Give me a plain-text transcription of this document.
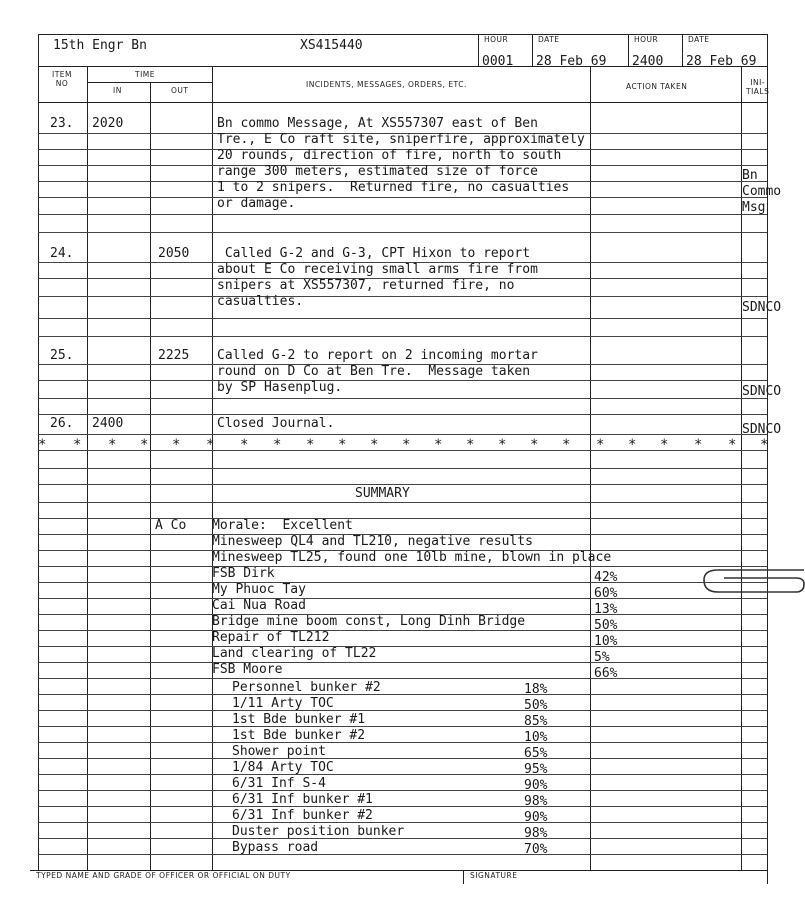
15th Engr Bn	XS415440	HOUR	DATE	HOUR	DATE
0001 28 Feb 69 2400 28 Feb 69
ITEM
NO
TIME
IN	OUT
INCIDENTS, MESSAGES, ORDERS, ETC.	ACTION TAKEN	INI-
TIALS
23. 2020	Bn commo Message, At XS557307 east of Ben
Tre., E Co raft site, sniperfire, approximately
20 rounds, direction of fire, north to south
range 300 meters, estimated size of force
1 to 2 snipers.  Returned fire, no casualties
or damage.
Bn
Commo
Msg
24.	2050 Called G-2 and G-3, CPT Hixon to report
about E Co receiving small arms fire from
snipers at XS557307, returned fire, no
casualties.	SDNCO
25.	2225 Called G-2 to report on 2 incoming mortar
round on D Co at Ben Tre.  Message taken
by SP Hasenplug.	SDNCO
26. 2400	Closed Journal.	SDNCO
* * * * * * * * * * * * * * * * * * * * * * *
SUMMARY
A Co Morale:  Excellent
Minesweep QL4 and TL210, negative results
Minesweep TL25, found one 10lb mine, blown in place
FSB Dirk	42%
My Phuoc Tay	60%
Cai Nua Road	13%
Bridge mine boom const, Long Dinh Bridge	50%
Repair of TL212	10%
Land clearing of TL22	5%
FSB Moore	66%
Personnel bunker #2	18%
1/11 Arty TOC	50%
1st Bde bunker #1	85%
1st Bde bunker #2	10%
Shower point	65%
1/84 Arty TOC	95%
6/31 Inf S-4	90%
6/31 Inf bunker #1	98%
6/31 Inf bunker #2	90%
Duster position bunker	98%
Bypass road	70%
TYPED NAME AND GRADE OF OFFICER OR OFFICIAL ON DUTY	SIGNATURE
